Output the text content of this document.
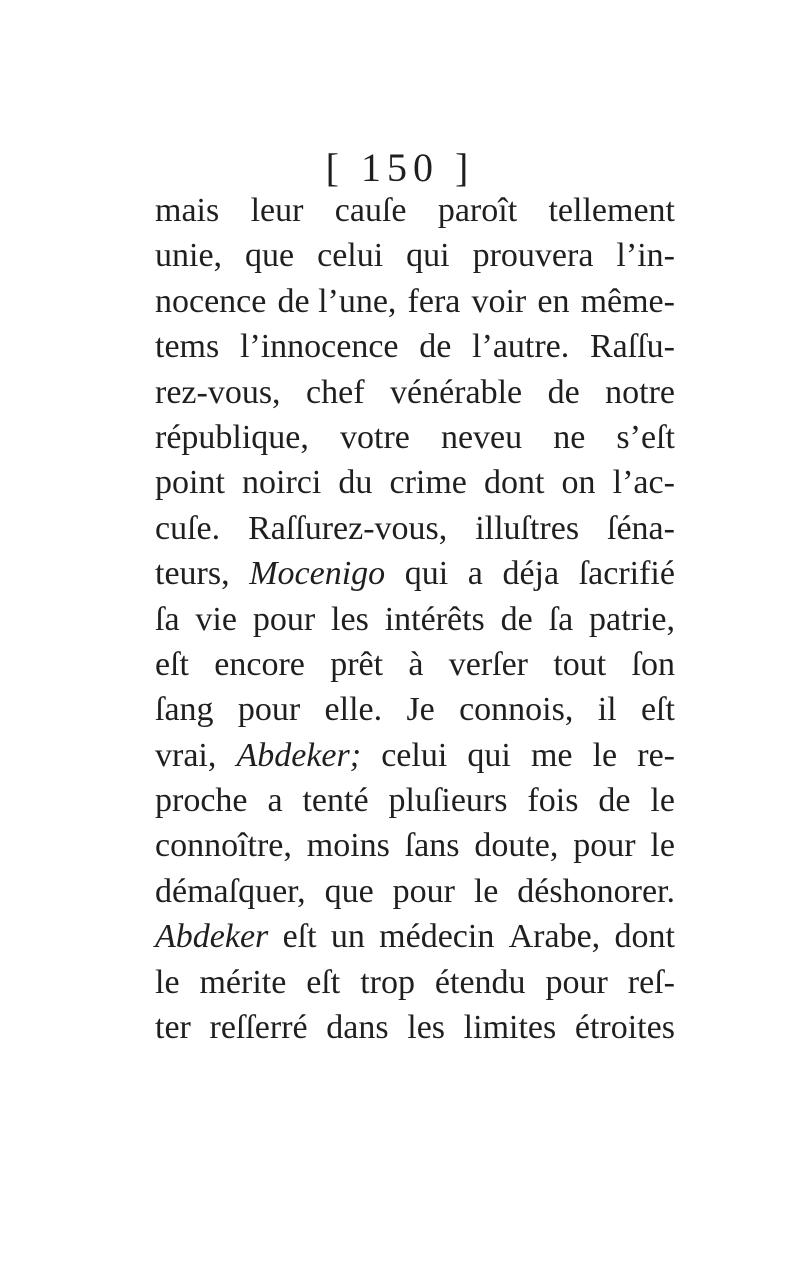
[ 150 ]
mais leur cauſe paroît tellement
unie, que celui qui prouvera l’in-
nocence de l’une, fera voir en même-
tems l’innocence de l’autre. Raſſu-
rez-vous, chef vénérable de notre
république, votre neveu ne s’eſt
point noirci du crime dont on l’ac-
cuſe. Raſſurez-vous, illuſtres ſéna-
teurs, Mocenigo qui a déja ſacrifié
ſa vie pour les intérêts de ſa patrie,
eſt encore prêt à verſer tout ſon
ſang pour elle. Je connois, il eſt
vrai, Abdeker; celui qui me le re-
proche a tenté pluſieurs fois de le
connoître, moins ſans doute, pour le
démaſquer, que pour le déshonorer.
Abdeker eſt un médecin Arabe, dont
le mérite eſt trop étendu pour reſ-
ter reſſerré dans les limites étroites
